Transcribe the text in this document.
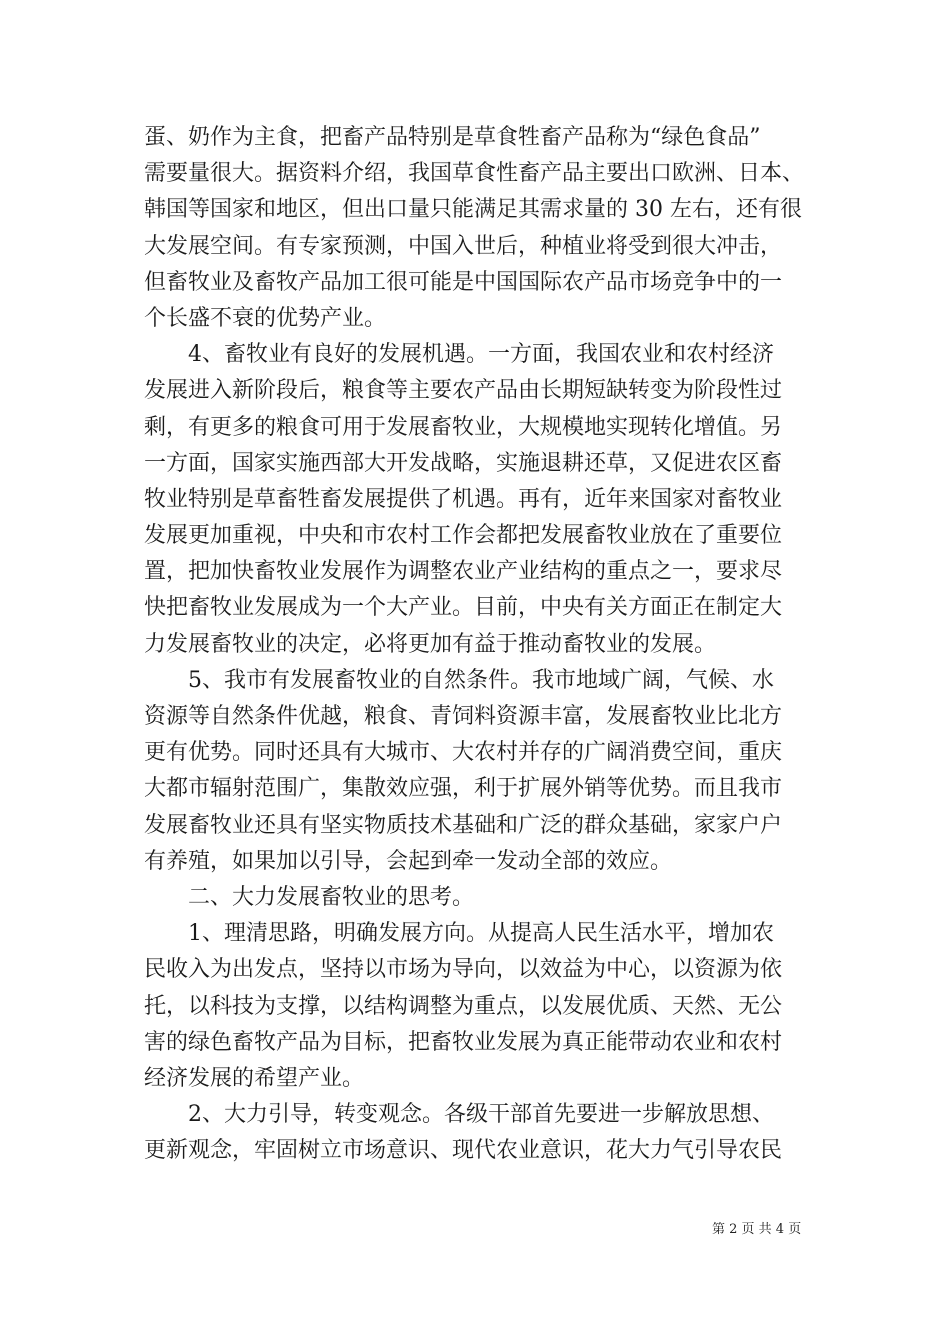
蛋、奶作为主食，把畜产品特别是草食牲畜产品称为“绿色食品”
需要量很大。据资料介绍，我国草食性畜产品主要出口欧洲、日本、
韩国等国家和地区，但出口量只能满足其需求量的 30 左右，还有很
大发展空间。有专家预测，中国入世后，种植业将受到很大冲击，
但畜牧业及畜牧产品加工很可能是中国国际农产品市场竞争中的一
个长盛不衰的优势产业。
4、畜牧业有良好的发展机遇。一方面，我国农业和农村经济
发展进入新阶段后，粮食等主要农产品由长期短缺转变为阶段性过
剩，有更多的粮食可用于发展畜牧业，大规模地实现转化增值。另
一方面，国家实施西部大开发战略，实施退耕还草，又促进农区畜
牧业特别是草畜牲畜发展提供了机遇。再有，近年来国家对畜牧业
发展更加重视，中央和市农村工作会都把发展畜牧业放在了重要位
置，把加快畜牧业发展作为调整农业产业结构的重点之一，要求尽
快把畜牧业发展成为一个大产业。目前，中央有关方面正在制定大
力发展畜牧业的决定，必将更加有益于推动畜牧业的发展。
5、我市有发展畜牧业的自然条件。我市地域广阔，气候、水
资源等自然条件优越，粮食、青饲料资源丰富，发展畜牧业比北方
更有优势。同时还具有大城市、大农村并存的广阔消费空间，重庆
大都市辐射范围广，集散效应强，利于扩展外销等优势。而且我市
发展畜牧业还具有坚实物质技术基础和广泛的群众基础，家家户户
有养殖，如果加以引导，会起到牵一发动全部的效应。
二、大力发展畜牧业的思考。
1、理清思路，明确发展方向。从提高人民生活水平，增加农
民收入为出发点，坚持以市场为导向，以效益为中心，以资源为依
托，以科技为支撑，以结构调整为重点，以发展优质、天然、无公
害的绿色畜牧产品为目标，把畜牧业发展为真正能带动农业和农村
经济发展的希望产业。
2、大力引导，转变观念。各级干部首先要进一步解放思想、
更新观念，牢固树立市场意识、现代农业意识，花大力气引导农民
第 2 页 共 4 页
